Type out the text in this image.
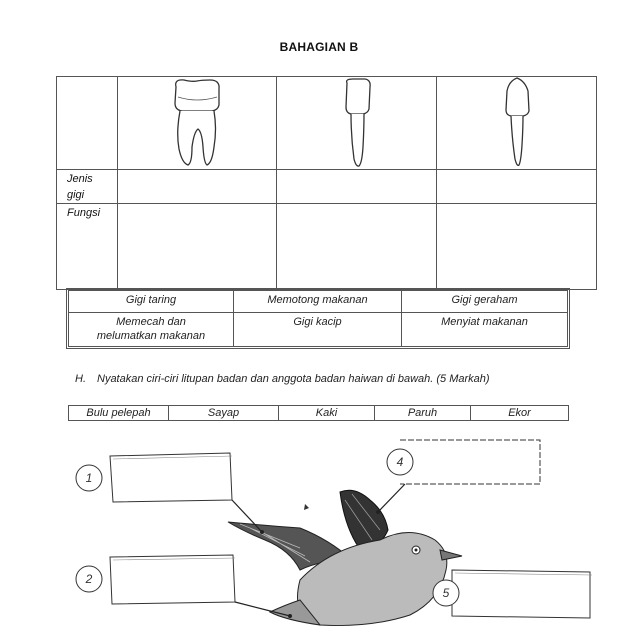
BAHAGIAN B

Jenis
gigi			
Fungsi			
Gigi taring	Memotong makanan	Gigi geraham
Memecah dan
melumatkan makanan	Gigi kacip	Menyiat makanan
H. Nyatakan ciri-ciri litupan badan dan anggota badan haiwan di bawah. (5 Markah)
Bulu pelepah	Sayap	Kaki	Paruh	Ekor
1
2
4
5
